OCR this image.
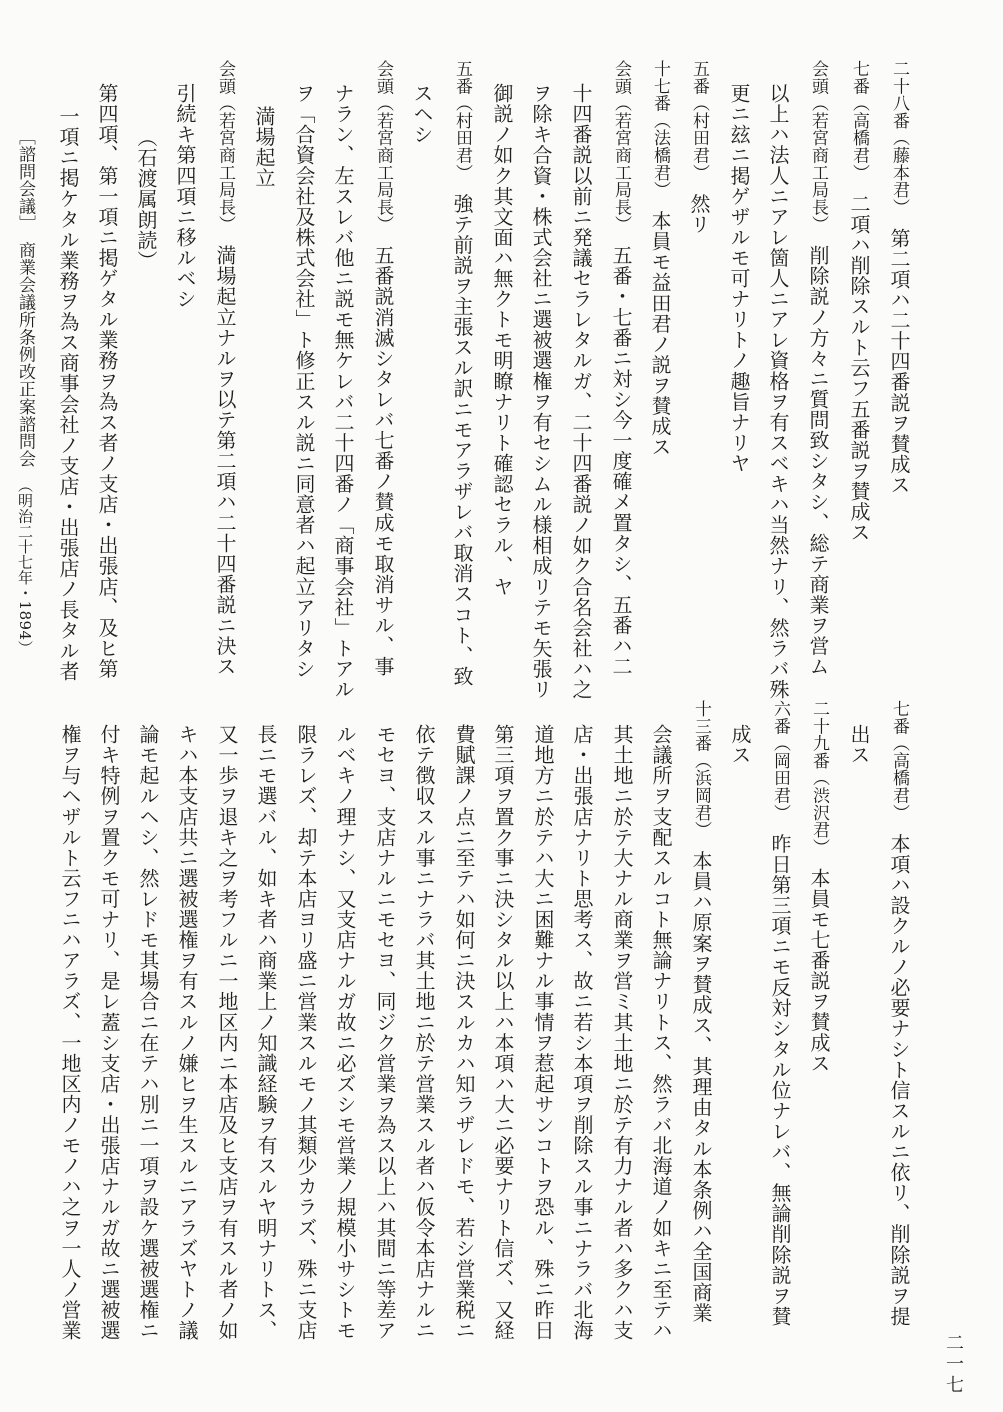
二十八番（藤本君）　第二項ハ二十四番説ヲ賛成ス
七番（高橋君）　二項ハ削除スルト云フ五番説ヲ賛成ス
会頭（若宮商工局長）　削除説ノ方々ニ質問致シタシ、総テ商業ヲ営ム
以上ハ法人ニアレ箇人ニアレ資格ヲ有スベキハ当然ナリ、然ラバ殊
更ニ玆ニ掲ゲザルモ可ナリトノ趣旨ナリヤ
五番（村田君）　然リ
十七番（法橋君）　本員モ益田君ノ説ヲ賛成ス
会頭（若宮商工局長）　五番・七番ニ対シ今一度確メ置タシ、五番ハ二
十四番説以前ニ発議セラレタルガ、二十四番説ノ如ク合名会社ハ之
ヲ除キ合資・株式会社ニ選被選権ヲ有セシムル様相成リテモ矢張リ
御説ノ如ク其文面ハ無クトモ明瞭ナリト確認セラル、ヤ
五番（村田君）　強テ前説ヲ主張スル訳ニモアラザレバ取消スコト、致
スヘシ
会頭（若宮商工局長）　五番説消滅シタレバ七番ノ賛成モ取消サル、事
ナラン、左スレバ他ニ説モ無ケレバ二十四番ノ「商事会社」トアル
ヲ「合資会社及株式会社」ト修正スル説ニ同意者ハ起立アリタシ
満場起立
会頭（若宮商工局長）　満場起立ナルヲ以テ第二項ハ二十四番説ニ決ス
引続キ第四項ニ移ルベシ
（石渡属朗読）
第四項、第一項ニ掲ゲタル業務ヲ為ス者ノ支店・出張店、及ヒ第
一項ニ掲ケタル業務ヲ為ス商事会社ノ支店・出張店ノ長タル者
［諮問会議］　商業会議所条例改正案諮問会　（明治二十七年・1894）
七番（高橋君）　本項ハ設クルノ必要ナシト信スルニ依リ、削除説ヲ提
出ス
六番（岡田君）　昨日第三項ニモ反対シタル位ナレバ、無論削除説ヲ賛
成ス	二十九番（渋沢君）　本員モ七番説ヲ賛成ス
十三番（浜岡君）　本員ハ原案ヲ賛成ス、其理由タル本条例ハ全国商業
会議所ヲ支配スルコト無論ナリトス、然ラバ北海道ノ如キニ至テハ
其土地ニ於テ大ナル商業ヲ営ミ其土地ニ於テ有力ナル者ハ多クハ支
店・出張店ナリト思考ス、故ニ若シ本項ヲ削除スル事ニナラバ北海
道地方ニ於テハ大ニ困難ナル事情ヲ惹起サンコトヲ恐ル、殊ニ昨日
第三項ヲ置ク事ニ決シタル以上ハ本項ハ大ニ必要ナリト信ズ、又経
費賦課ノ点ニ至テハ如何ニ決スルカハ知ラザレドモ、若シ営業税ニ
依テ徴収スル事ニナラバ其土地ニ於テ営業スル者ハ仮令本店ナルニ
モセヨ、支店ナルニモセヨ、同ジク営業ヲ為ス以上ハ其間ニ等差ア
ルベキノ理ナシ、又支店ナルガ故ニ必ズシモ営業ノ規模小サシトモ
限ラレズ、却テ本店ヨリ盛ニ営業スルモノ其類少カラズ、殊ニ支店
長ニモ選バル、如キ者ハ商業上ノ知識経験ヲ有スルヤ明ナリトス、
又一歩ヲ退キ之ヲ考フルニ一地区内ニ本店及ヒ支店ヲ有スル者ノ如
キハ本支店共ニ選被選権ヲ有スルノ嫌ヒヲ生スルニアラズヤトノ議
論モ起ルヘシ、然レドモ其場合ニ在テハ別ニ一項ヲ設ケ選被選権ニ
付キ特例ヲ置クモ可ナリ、是レ蓋シ支店・出張店ナルガ故ニ選被選
権ヲ与ヘザルト云フニハアラズ、一地区内ノモノハ之ヲ一人ノ営業
二一七
